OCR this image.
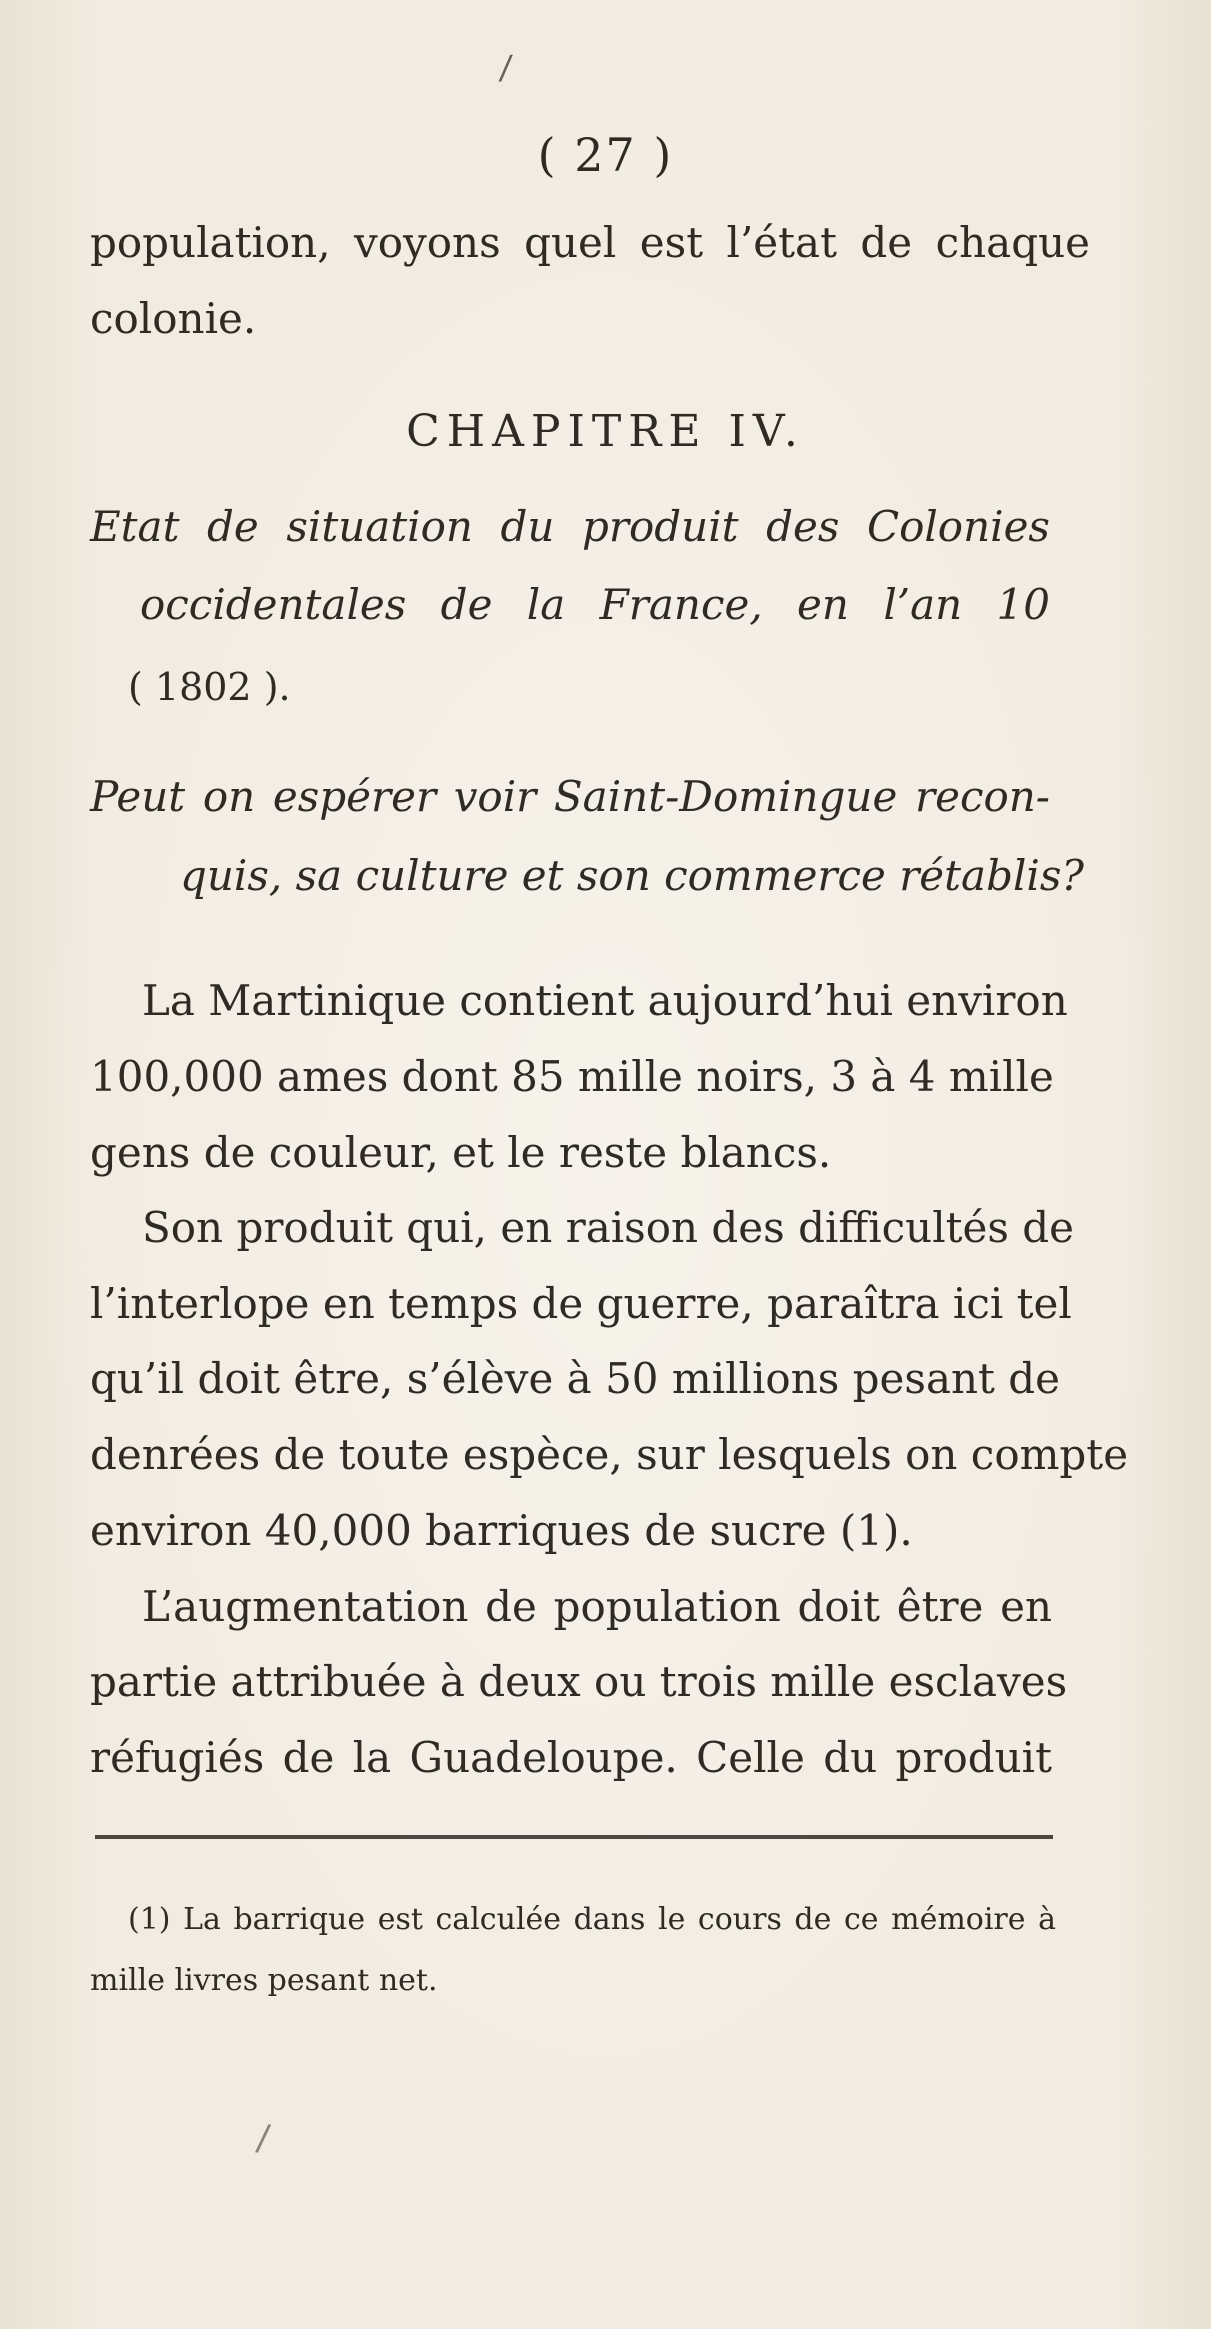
/
( 27 )
population, voyons quel est l’état de chaque
colonie.
CHAPITRE IV.
Etat de situation du produit des Colonies
occidentales de la France, en l’an 10
( 1802 ).
Peut on espérer voir Saint-Domingue recon-
quis, sa culture et son commerce rétablis?
La Martinique contient aujourd’hui environ
100,000 ames dont 85 mille noirs, 3 à 4 mille
gens de couleur, et le reste blancs.
Son produit qui, en raison des difficultés de
l’interlope en temps de guerre, paraîtra ici tel
qu’il doit être, s’élève à 50 millions pesant de
denrées de toute espèce, sur lesquels on compte
environ 40,000 barriques de sucre (1).
L’augmentation de population doit être en
partie attribuée à deux ou trois mille esclaves
réfugiés de la Guadeloupe. Celle du produit
(1) La barrique est calculée dans le cours de ce mémoire à
mille livres pesant net.
/
